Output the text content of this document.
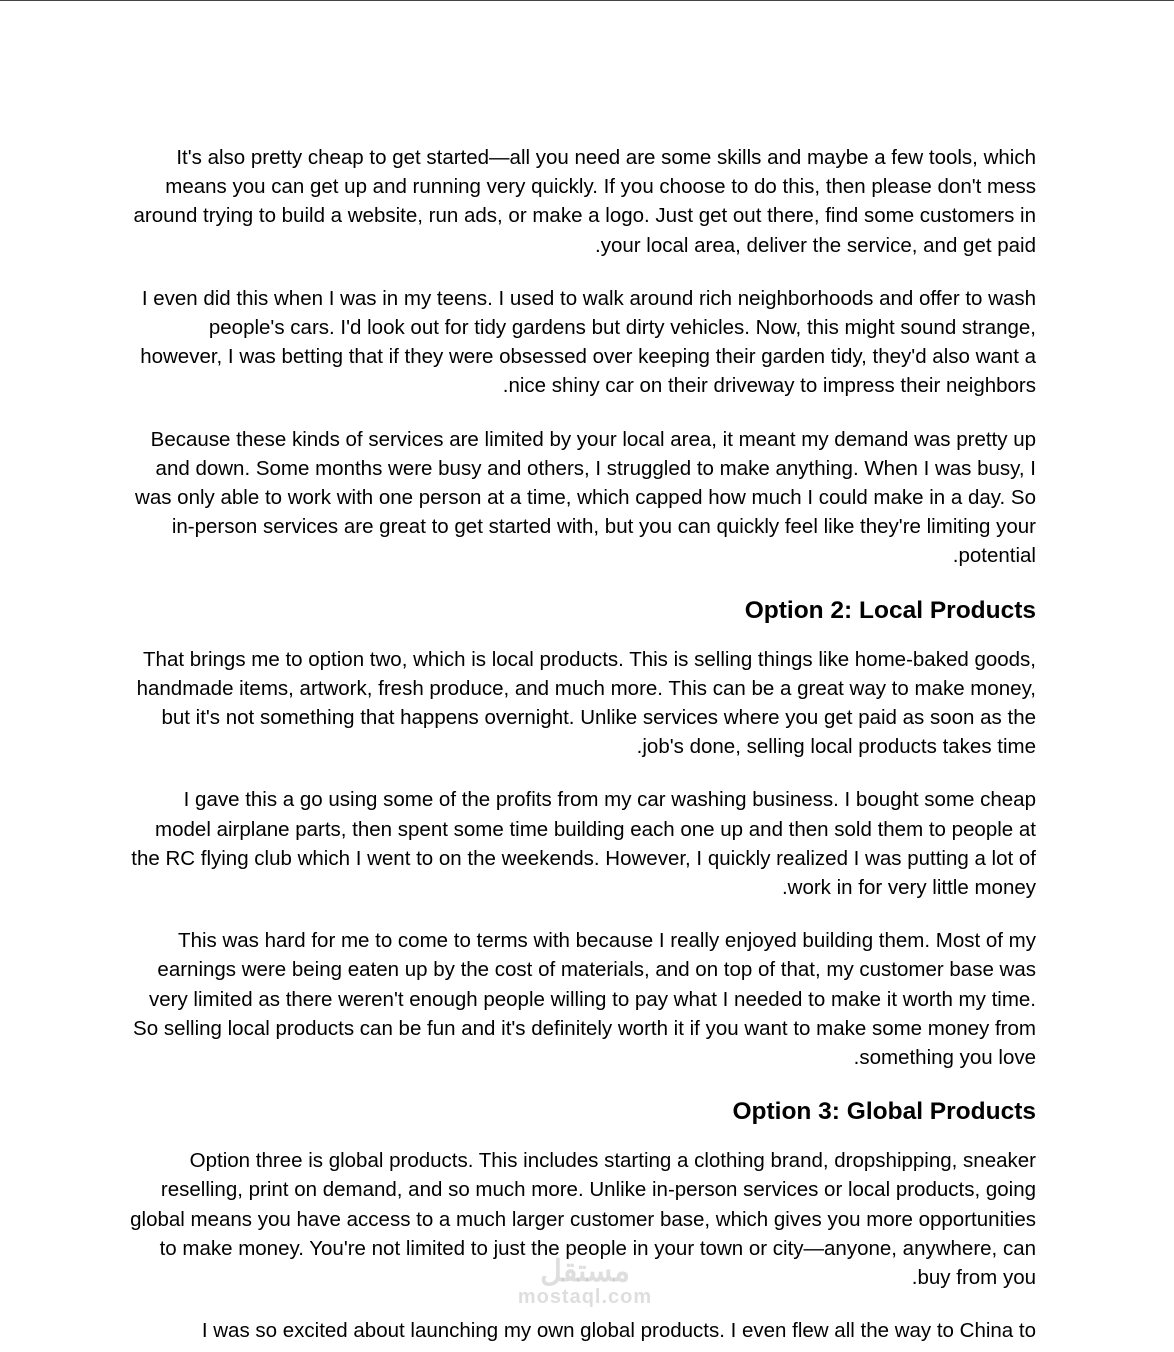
It's also pretty cheap to get started—all you need are some skills and maybe a few tools, which means you can get up and running very quickly. If you choose to do this, then please don't mess around trying to build a website, run ads, or make a logo. Just get out there, find some customers in your local area, deliver the service, and get paid.

I even did this when I was in my teens. I used to walk around rich neighborhoods and offer to wash people's cars. I'd look out for tidy gardens but dirty vehicles. Now, this might sound strange, however, I was betting that if they were obsessed over keeping their garden tidy, they'd also want a nice shiny car on their driveway to impress their neighbors.

Because these kinds of services are limited by your local area, it meant my demand was pretty up and down. Some months were busy and others, I struggled to make anything. When I was busy, I was only able to work with one person at a time, which capped how much I could make in a day. So in-person services are great to get started with, but you can quickly feel like they're limiting your potential.

Option 2: Local Products

That brings me to option two, which is local products. This is selling things like home-baked goods, handmade items, artwork, fresh produce, and much more. This can be a great way to make money, but it's not something that happens overnight. Unlike services where you get paid as soon as the job's done, selling local products takes time.

I gave this a go using some of the profits from my car washing business. I bought some cheap model airplane parts, then spent some time building each one up and then sold them to people at the RC flying club which I went to on the weekends. However, I quickly realized I was putting a lot of work in for very little money.

This was hard for me to come to terms with because I really enjoyed building them. Most of my earnings were being eaten up by the cost of materials, and on top of that, my customer base was very limited as there weren't enough people willing to pay what I needed to make it worth my time. So selling local products can be fun and it's definitely worth it if you want to make some money from something you love.

Option 3: Global Products

Option three is global products. This includes starting a clothing brand, dropshipping, sneaker reselling, print on demand, and so much more. Unlike in-person services or local products, going global means you have access to a much larger customer base, which gives you more opportunities to make money. You're not limited to just the people in your town or city—anyone, anywhere, can buy from you.

I was so excited about launching my own global products. I even flew all the way to China to

مستقل
mostaql.com
